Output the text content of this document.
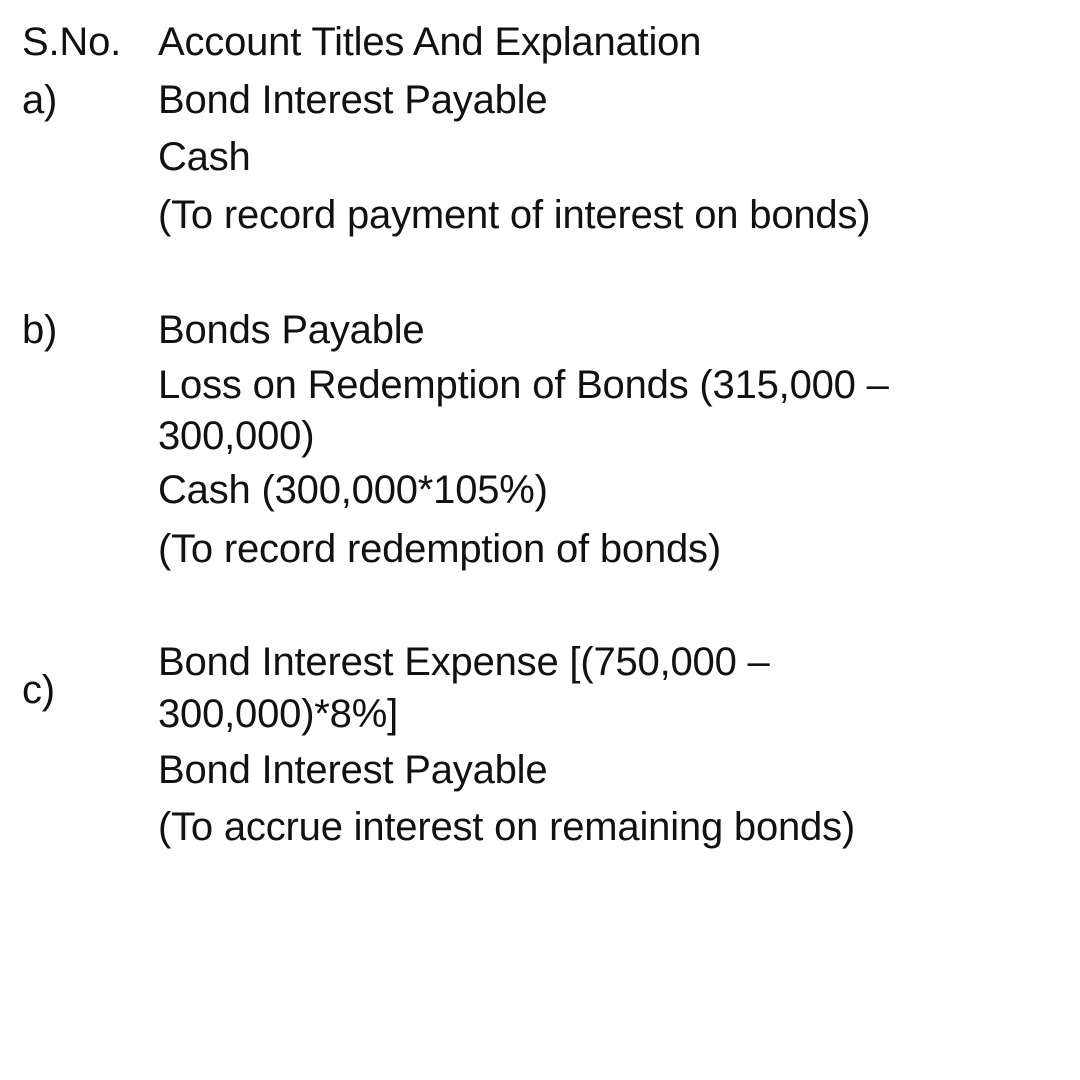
S.No. Account Titles And Explanation
a)	Bond Interest Payable
Cash
(To record payment of interest on bonds)
b)	Bonds Payable
Loss on Redemption of Bonds (315,000 –
300,000)
Cash (300,000*105%)
(To record redemption of bonds)
c)
Bond Interest Expense [(750,000 –
300,000)*8%]
Bond Interest Payable
(To accrue interest on remaining bonds)
